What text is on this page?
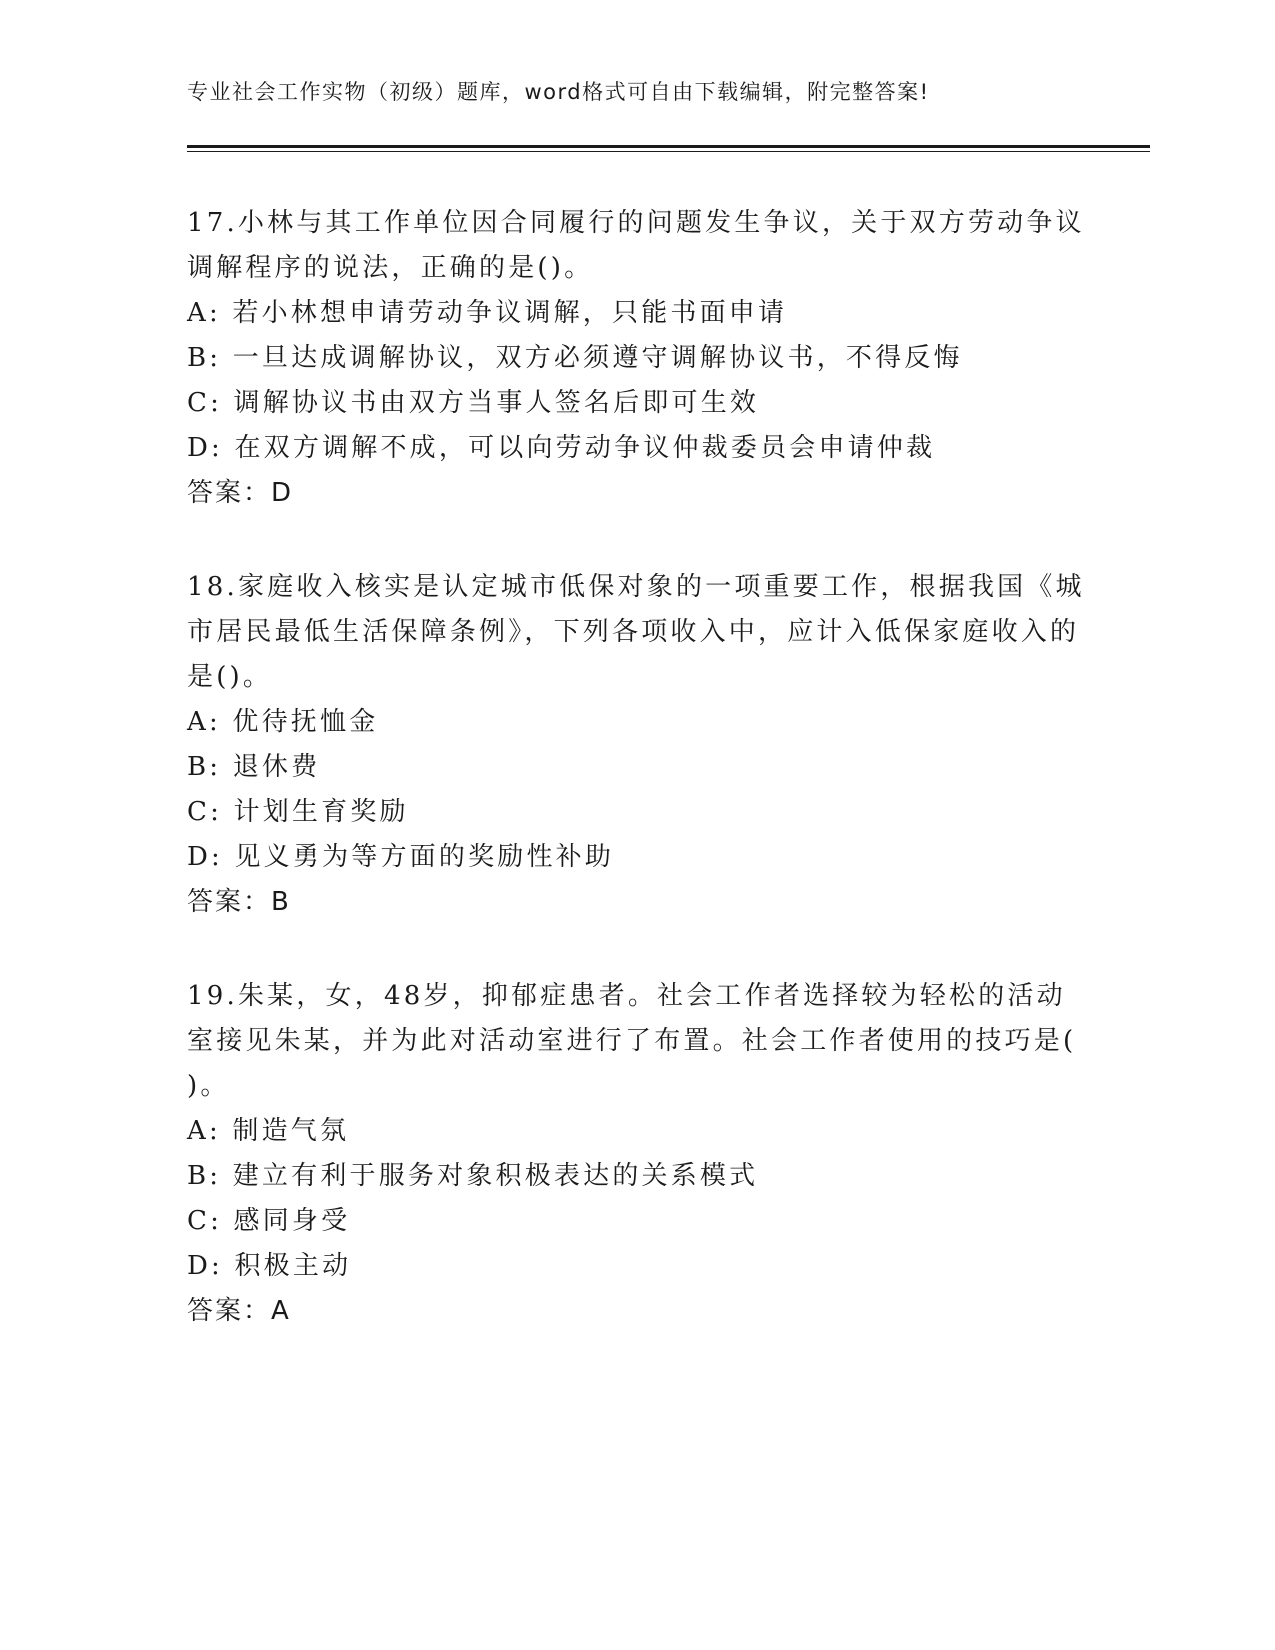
专业社会工作实物（初级）题库，word格式可自由下载编辑，附完整答案!

17.小林与其工作单位因合同履行的问题发生争议，关于双方劳动争议调解程序的说法，正确的是()。

A: 若小林想申请劳动争议调解，只能书面申请

B: 一旦达成调解协议，双方必须遵守调解协议书，不得反悔

C: 调解协议书由双方当事人签名后即可生效

D: 在双方调解不成，可以向劳动争议仲裁委员会申请仲裁

答案：D

18.家庭收入核实是认定城市低保对象的一项重要工作，根据我国《城市居民最低生活保障条例》，下列各项收入中，应计入低保家庭收入的是()。

A: 优待抚恤金

B: 退休费

C: 计划生育奖励

D: 见义勇为等方面的奖励性补助

答案：B

19.朱某，女，48岁，抑郁症患者。社会工作者选择较为轻松的活动室接见朱某，并为此对活动室进行了布置。社会工作者使用的技巧是( )。

A: 制造气氛

B: 建立有利于服务对象积极表达的关系模式

C: 感同身受

D: 积极主动

答案：A
